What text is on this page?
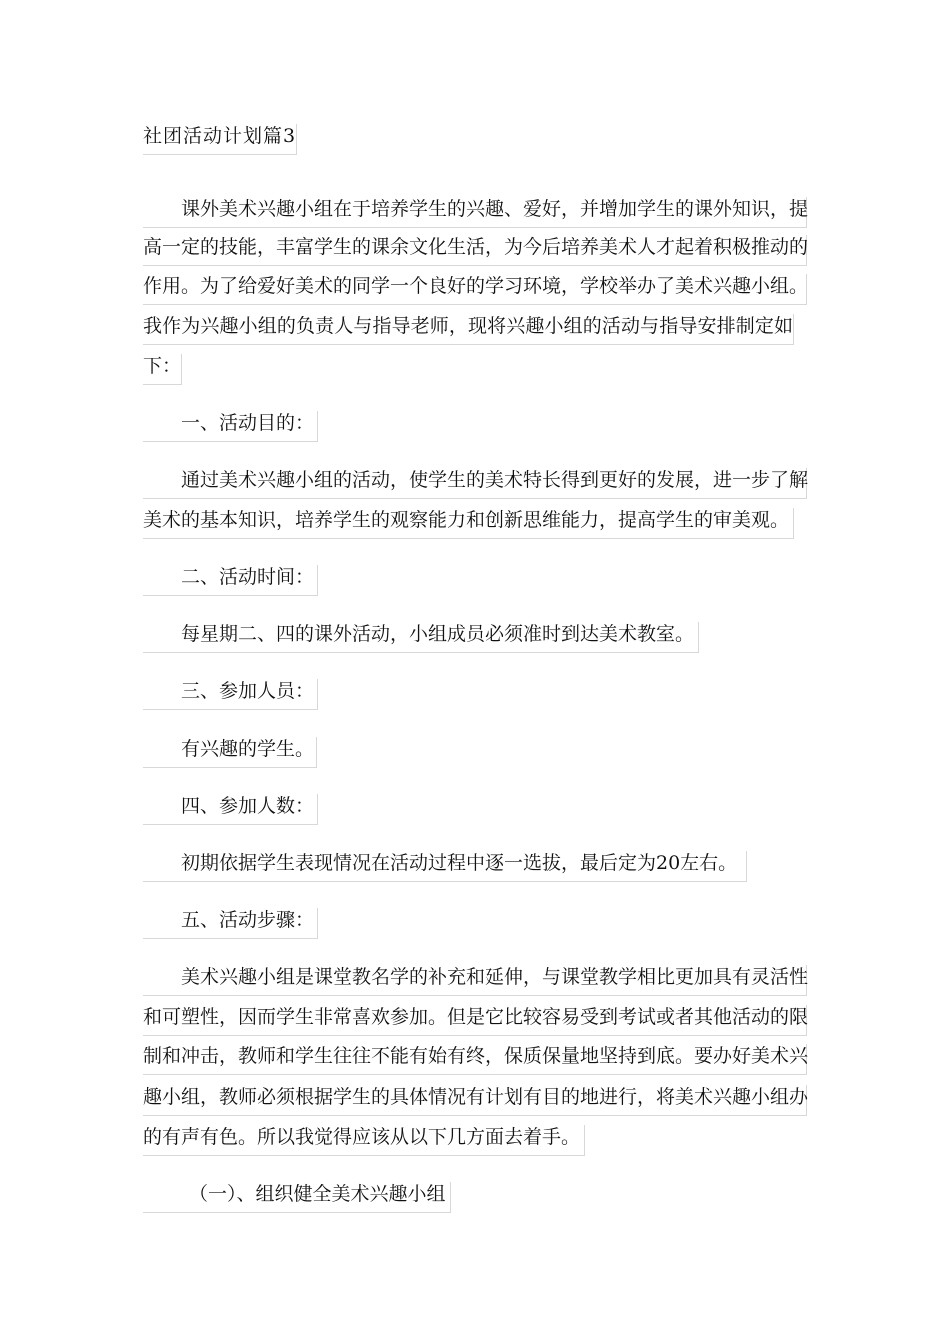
社团活动计划篇3
课外美术兴趣小组在于培养学生的兴趣、爱好，并增加学生的课外知识，提
高一定的技能，丰富学生的课余文化生活，为今后培养美术人才起着积极推动的
作用。为了给爱好美术的同学一个良好的学习环境，学校举办了美术兴趣小组。
我作为兴趣小组的负责人与指导老师，现将兴趣小组的活动与指导安排制定如
下：
一、活动目的：
通过美术兴趣小组的活动，使学生的美术特长得到更好的发展，进一步了解
美术的基本知识，培养学生的观察能力和创新思维能力，提高学生的审美观。
二、活动时间：
每星期二、四的课外活动，小组成员必须准时到达美术教室。
三、参加人员：
有兴趣的学生。
四、参加人数：
初期依据学生表现情况在活动过程中逐一选拔，最后定为20左右。
五、活动步骤：
美术兴趣小组是课堂教名学的补充和延伸，与课堂教学相比更加具有灵活性
和可塑性，因而学生非常喜欢参加。但是它比较容易受到考试或者其他活动的限
制和冲击，教师和学生往往不能有始有终，保质保量地坚持到底。要办好美术兴
趣小组，教师必须根据学生的具体情况有计划有目的地进行，将美术兴趣小组办
的有声有色。所以我觉得应该从以下几方面去着手。
（一）、组织健全美术兴趣小组
